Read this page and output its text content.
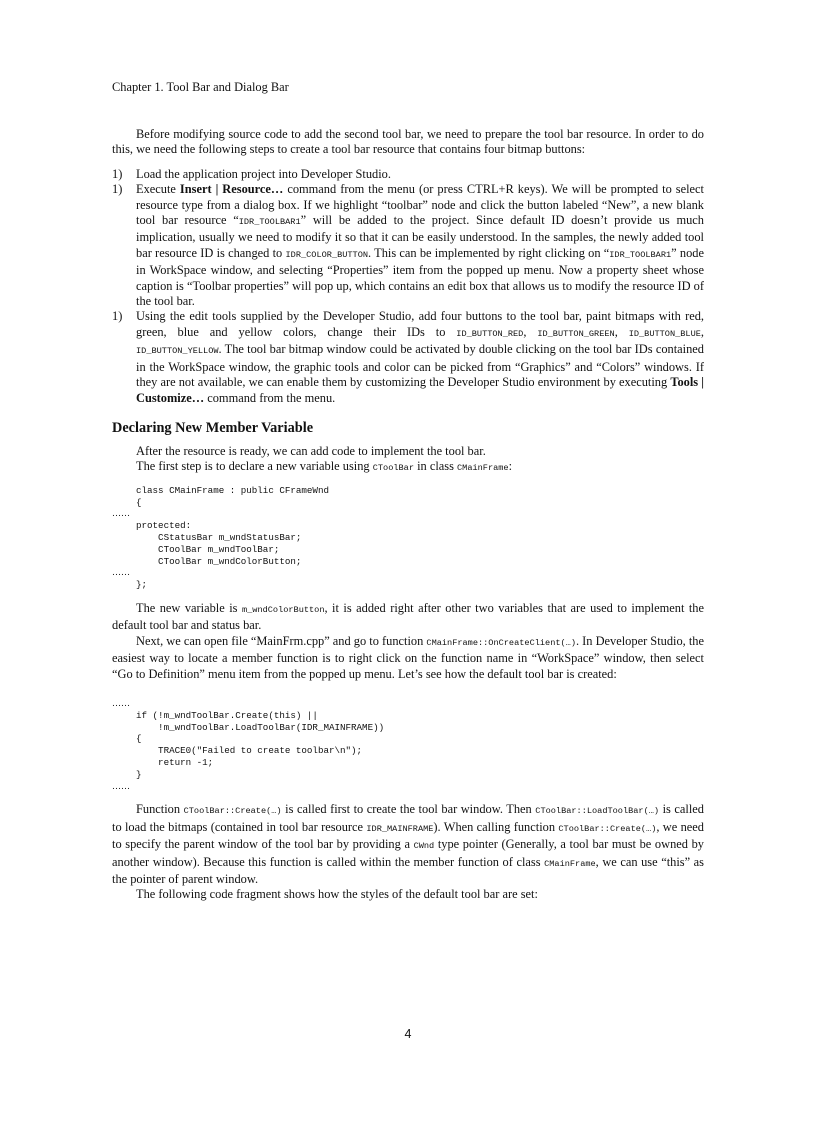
Chapter 1. Tool Bar and Dialog Bar

Before modifying source code to add the second tool bar, we need to prepare the tool bar resource. In order to do this, we need the following steps to create a tool bar resource that contains four bitmap buttons:

1) Load the application project into Developer Studio.
1) Execute Insert | Resource… command from the menu (or press CTRL+R keys). We will be prompted to select resource type from a dialog box. If we highlight “toolbar” node and click the button labeled “New”, a new blank tool bar resource “IDR_TOOLBAR1” will be added to the project. Since default ID doesn’t provide us much implication, usually we need to modify it so that it can be easily understood. In the samples, the newly added tool bar resource ID is changed to IDR_COLOR_BUTTON. This can be implemented by right clicking on “IDR_TOOLBAR1” node in WorkSpace window, and selecting “Properties” item from the popped up menu. Now a property sheet whose caption is “Toolbar properties” will pop up, which contains an edit box that allows us to modify the resource ID of the tool bar.
1) Using the edit tools supplied by the Developer Studio, add four buttons to the tool bar, paint bitmaps with red, green, blue and yellow colors, change their IDs to ID_BUTTON_RED, ID_BUTTON_GREEN, ID_BUTTON_BLUE, ID_BUTTON_YELLOW. The tool bar bitmap window could be activated by double clicking on the tool bar IDs contained in the WorkSpace window, the graphic tools and color can be picked from “Graphics” and “Colors” windows. If they are not available, we can enable them by customizing the Developer Studio environment by executing Tools | Customize… command from the menu.
Declaring New Member Variable

After the resource is ready, we can add code to implement the tool bar.

The first step is to declare a new variable using CToolBar in class CMainFrame:

class CMainFrame : public CFrameWnd
{
……
protected:
CStatusBar m_wndStatusBar;
CToolBar m_wndToolBar;
CToolBar m_wndColorButton;
……
};

The new variable is m_wndColorButton, it is added right after other two variables that are used to implement the default tool bar and status bar.

Next, we can open file “MainFrm.cpp” and go to function CMainFrame::OnCreateClient(…). In Developer Studio, the easiest way to locate a member function is to right click on the function name in “WorkSpace” window, then select “Go to Definition” menu item from the popped up menu. Let’s see how the default tool bar is created:

……
if (!m_wndToolBar.Create(this) ||
!m_wndToolBar.LoadToolBar(IDR_MAINFRAME))
{
TRACE0("Failed to create toolbar\n");
return -1;
}
……

Function CToolBar::Create(…) is called first to create the tool bar window. Then CToolBar::LoadToolBar(…) is called to load the bitmaps (contained in tool bar resource IDR_MAINFRAME). When calling function CToolBar::Create(…), we need to specify the parent window of the tool bar by providing a CWnd type pointer (Generally, a tool bar must be owned by another window). Because this function is called within the member function of class CMainFrame, we can use “this” as the pointer of parent window.

The following code fragment shows how the styles of the default tool bar are set:

4
